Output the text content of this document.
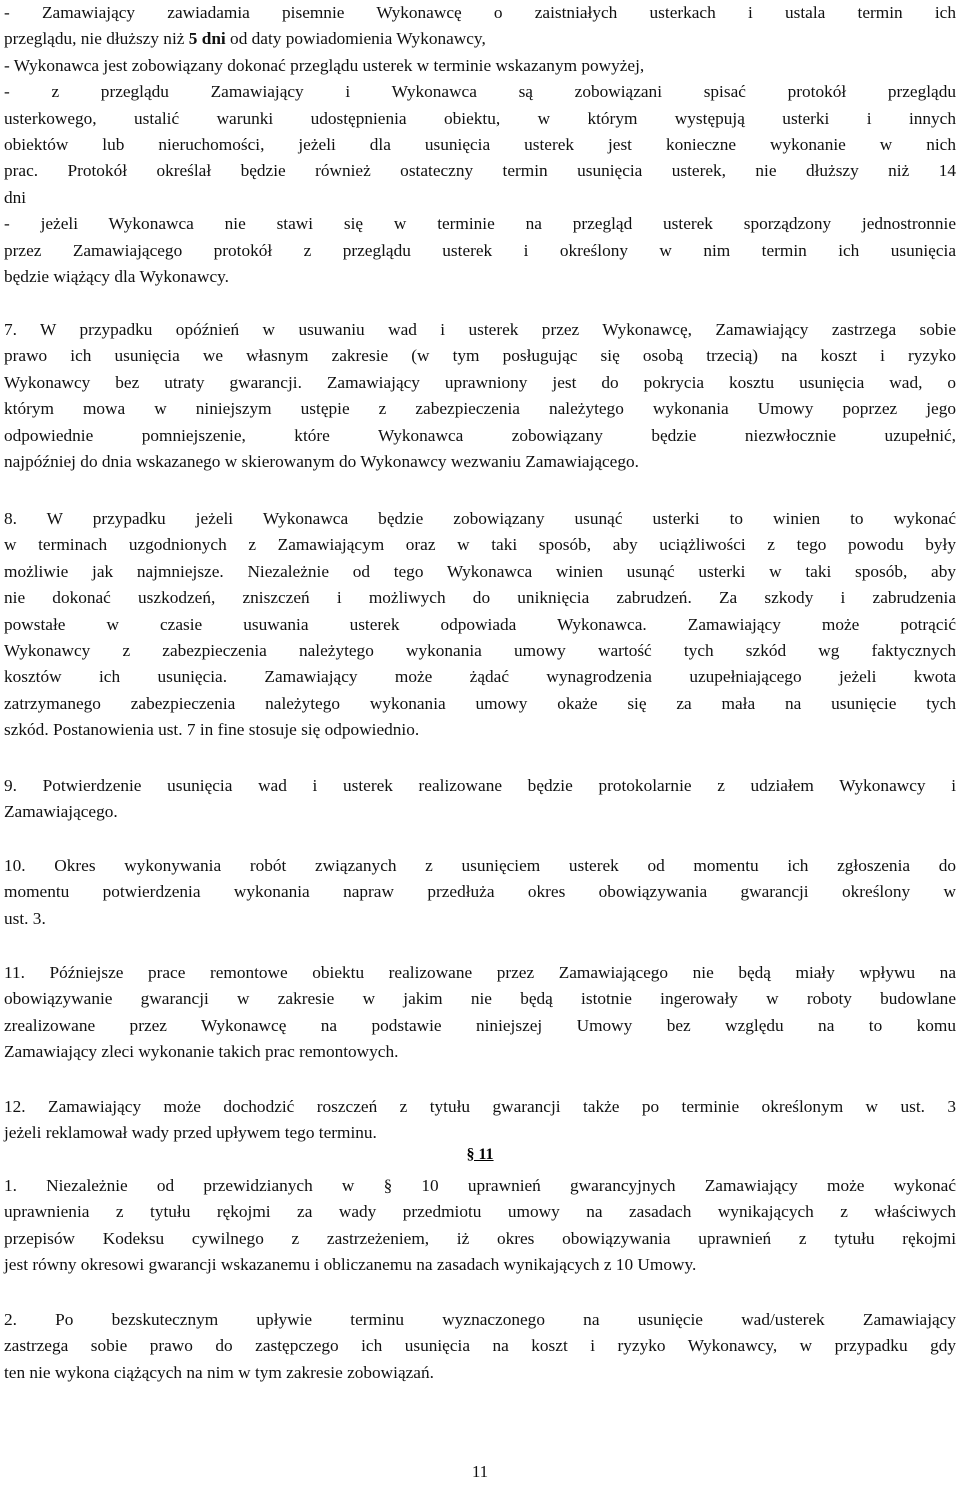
- Zamawiający zawiadamia pisemnie Wykonawcę o zaistniałych usterkach i ustala termin ich
przeglądu, nie dłuższy niż 5 dni od daty powiadomienia Wykonawcy,
- Wykonawca jest zobowiązany dokonać przeglądu usterek w terminie wskazanym powyżej,
- z przeglądu Zamawiający i Wykonawca są zobowiązani spisać protokół przeglądu
usterkowego, ustalić warunki udostępnienia obiektu, w którym występują usterki i innych
obiektów lub nieruchomości, jeżeli dla usunięcia usterek jest konieczne wykonanie w nich
prac. Protokół określał będzie również ostateczny termin usunięcia usterek, nie dłuższy niż 14
dni
- jeżeli Wykonawca nie stawi się w terminie na przegląd usterek sporządzony jednostronnie
przez Zamawiającego protokół z przeglądu usterek i określony w nim termin ich usunięcia
będzie wiążący dla Wykonawcy.
7. W przypadku opóźnień w usuwaniu wad i usterek przez Wykonawcę, Zamawiający zastrzega sobie
prawo ich usunięcia we własnym zakresie (w tym posługując się osobą trzecią) na koszt i ryzyko
Wykonawcy bez utraty gwarancji. Zamawiający uprawniony jest do pokrycia kosztu usunięcia wad, o
którym mowa w niniejszym ustępie z zabezpieczenia należytego wykonania Umowy poprzez jego
odpowiednie pomniejszenie, które Wykonawca zobowiązany będzie niezwłocznie uzupełnić,
najpóźniej do dnia wskazanego w skierowanym do Wykonawcy wezwaniu Zamawiającego.
8. W przypadku jeżeli Wykonawca będzie zobowiązany usunąć usterki to winien to wykonać
w terminach uzgodnionych z Zamawiającym oraz w taki sposób, aby uciążliwości z tego powodu były
możliwie jak najmniejsze. Niezależnie od tego Wykonawca winien usunąć usterki w taki sposób, aby
nie dokonać uszkodzeń, zniszczeń i możliwych do uniknięcia zabrudzeń. Za szkody i zabrudzenia
powstałe w czasie usuwania usterek odpowiada Wykonawca. Zamawiający może potrącić
Wykonawcy z zabezpieczenia należytego wykonania umowy wartość tych szkód wg faktycznych
kosztów ich usunięcia. Zamawiający może żądać wynagrodzenia uzupełniającego jeżeli kwota
zatrzymanego zabezpieczenia należytego wykonania umowy okaże się za mała na usunięcie tych
szkód. Postanowienia ust. 7 in fine stosuje się odpowiednio.
9. Potwierdzenie usunięcia wad i usterek realizowane będzie protokolarnie z udziałem Wykonawcy i
Zamawiającego.
10. Okres wykonywania robót związanych z usunięciem usterek od momentu ich zgłoszenia do
momentu potwierdzenia wykonania napraw przedłuża okres obowiązywania gwarancji określony w
ust. 3.
11. Późniejsze prace remontowe obiektu realizowane przez Zamawiającego nie będą miały wpływu na
obowiązywanie gwarancji w zakresie w jakim nie będą istotnie ingerowały w roboty budowlane
zrealizowane przez Wykonawcę na podstawie niniejszej Umowy bez względu na to komu
Zamawiający zleci wykonanie takich prac remontowych.
12. Zamawiający może dochodzić roszczeń z tytułu gwarancji także po terminie określonym w ust. 3
jeżeli reklamował wady przed upływem tego terminu.
1. Niezależnie od przewidzianych w § 10 uprawnień gwarancyjnych Zamawiający może wykonać
uprawnienia z tytułu rękojmi za wady przedmiotu umowy na zasadach wynikających z właściwych
przepisów Kodeksu cywilnego z zastrzeżeniem, iż okres obowiązywania uprawnień z tytułu rękojmi
jest równy okresowi gwarancji wskazanemu i obliczanemu na zasadach wynikających z 10 Umowy.
2. Po bezskutecznym upływie terminu wyznaczonego na usunięcie wad/usterek Zamawiający
zastrzega sobie prawo do zastępczego ich usunięcia na koszt i ryzyko Wykonawcy, w przypadku gdy
ten nie wykona ciążących na nim w tym zakresie zobowiązań.
§ 11
11
